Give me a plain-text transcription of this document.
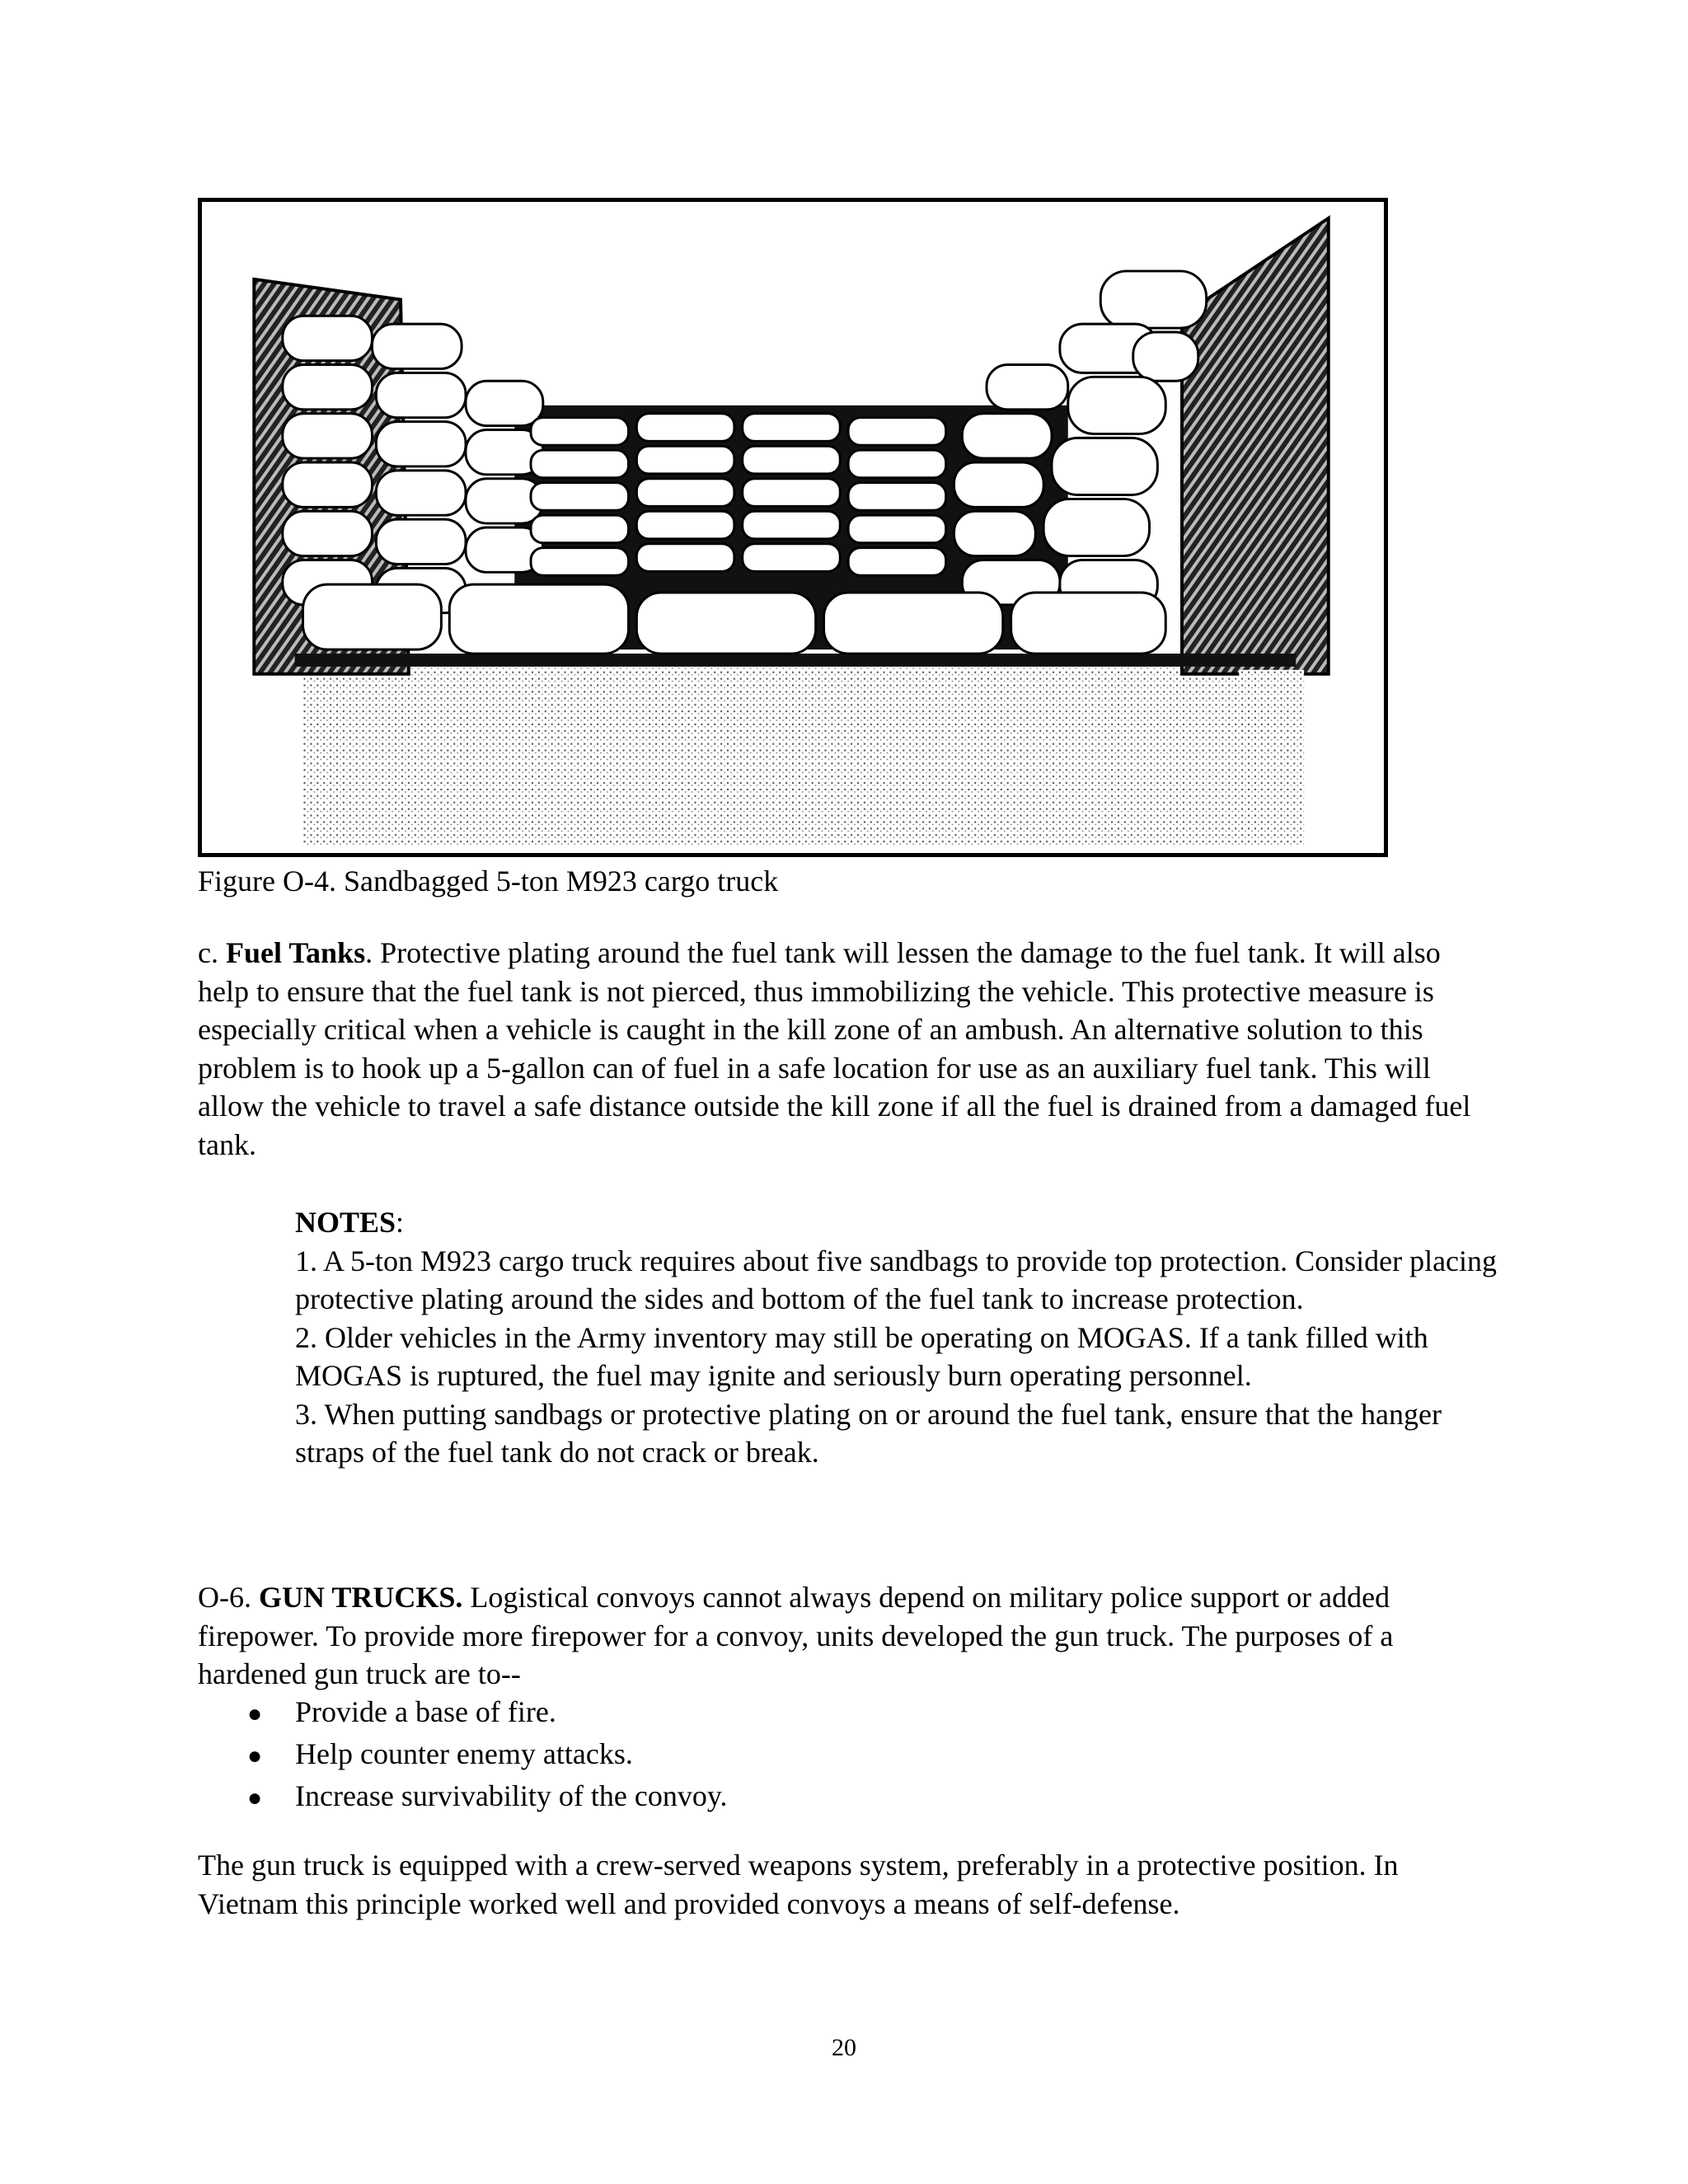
Figure O-4. Sandbagged 5-ton M923 cargo truck
c. Fuel Tanks. Protective plating around the fuel tank will lessen the damage to the fuel tank. It will also help to ensure that the fuel tank is not pierced, thus immobilizing the vehicle. This protective measure is especially critical when a vehicle is caught in the kill zone of an ambush. An alternative solution to this problem is to hook up a 5-gallon can of fuel in a safe location for use as an auxiliary fuel tank. This will allow the vehicle to travel a safe distance outside the kill zone if all the fuel is drained from a damaged fuel tank.
NOTES:

1. A 5-ton M923 cargo truck requires about five sandbags to provide top protection. Consider placing protective plating around the sides and bottom of the fuel tank to increase protection.

2. Older vehicles in the Army inventory may still be operating on MOGAS. If a tank filled with MOGAS is ruptured, the fuel may ignite and seriously burn operating personnel.

3. When putting sandbags or protective plating on or around the fuel tank, ensure that the hanger straps of the fuel tank do not crack or break.

O-6. GUN TRUCKS. Logistical convoys cannot always depend on military police support or added firepower. To provide more firepower for a convoy, units developed the gun truck. The purposes of a hardened gun truck are to--
●	Provide a base of fire.
●	Help counter enemy attacks.
●	Increase survivability of the convoy.
The gun truck is equipped with a crew-served weapons system, preferably in a protective position. In Vietnam this principle worked well and provided convoys a means of self-defense.
20
